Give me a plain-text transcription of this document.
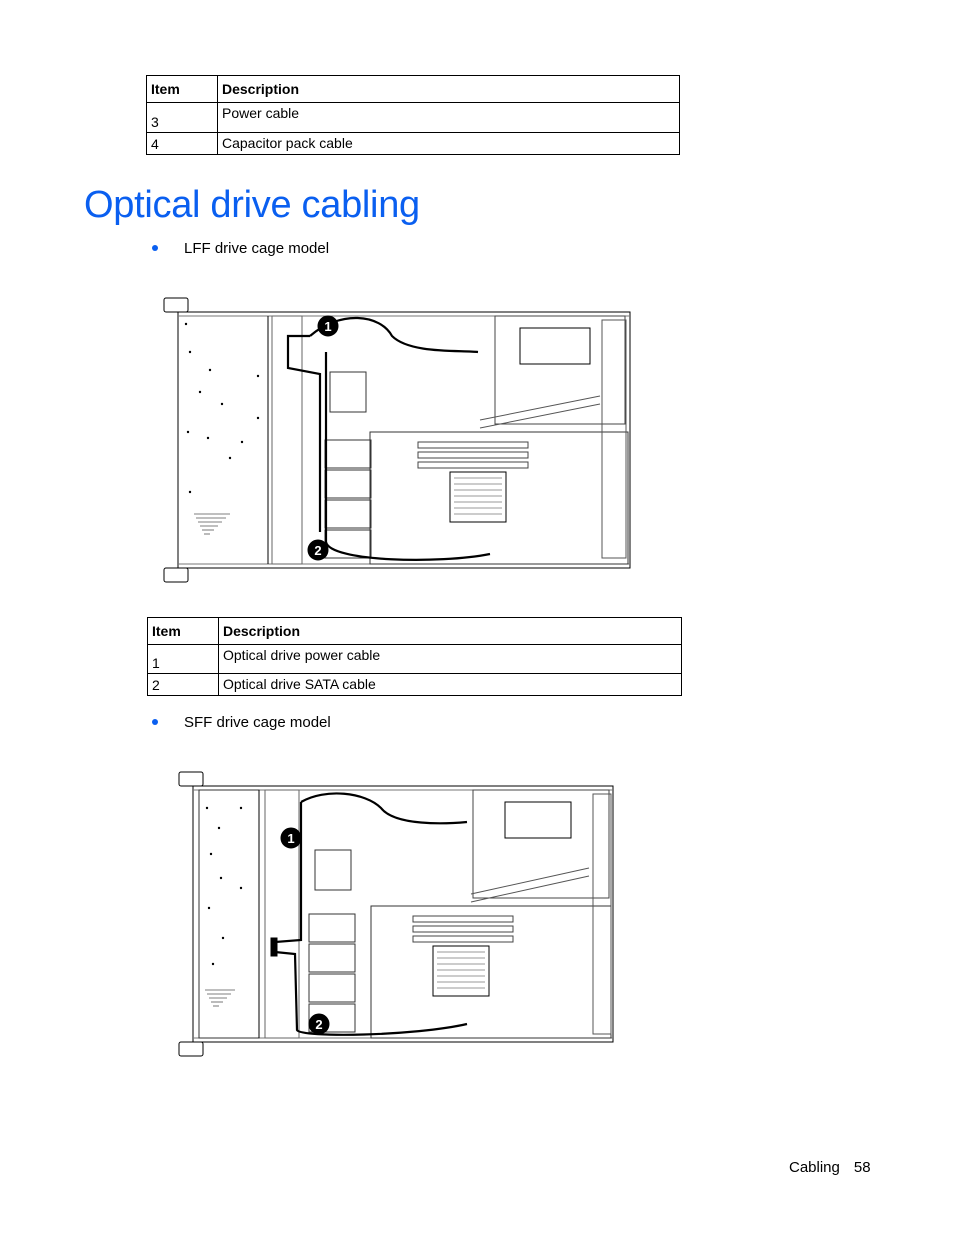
Item	Description
3	Power cable
4	Capacitor pack cable
Optical drive cabling
LFF drive cage model
1
2
Item	Description
1	Optical drive power cable
2	Optical drive SATA cable
SFF drive cage model
1
2
Cabling 58
